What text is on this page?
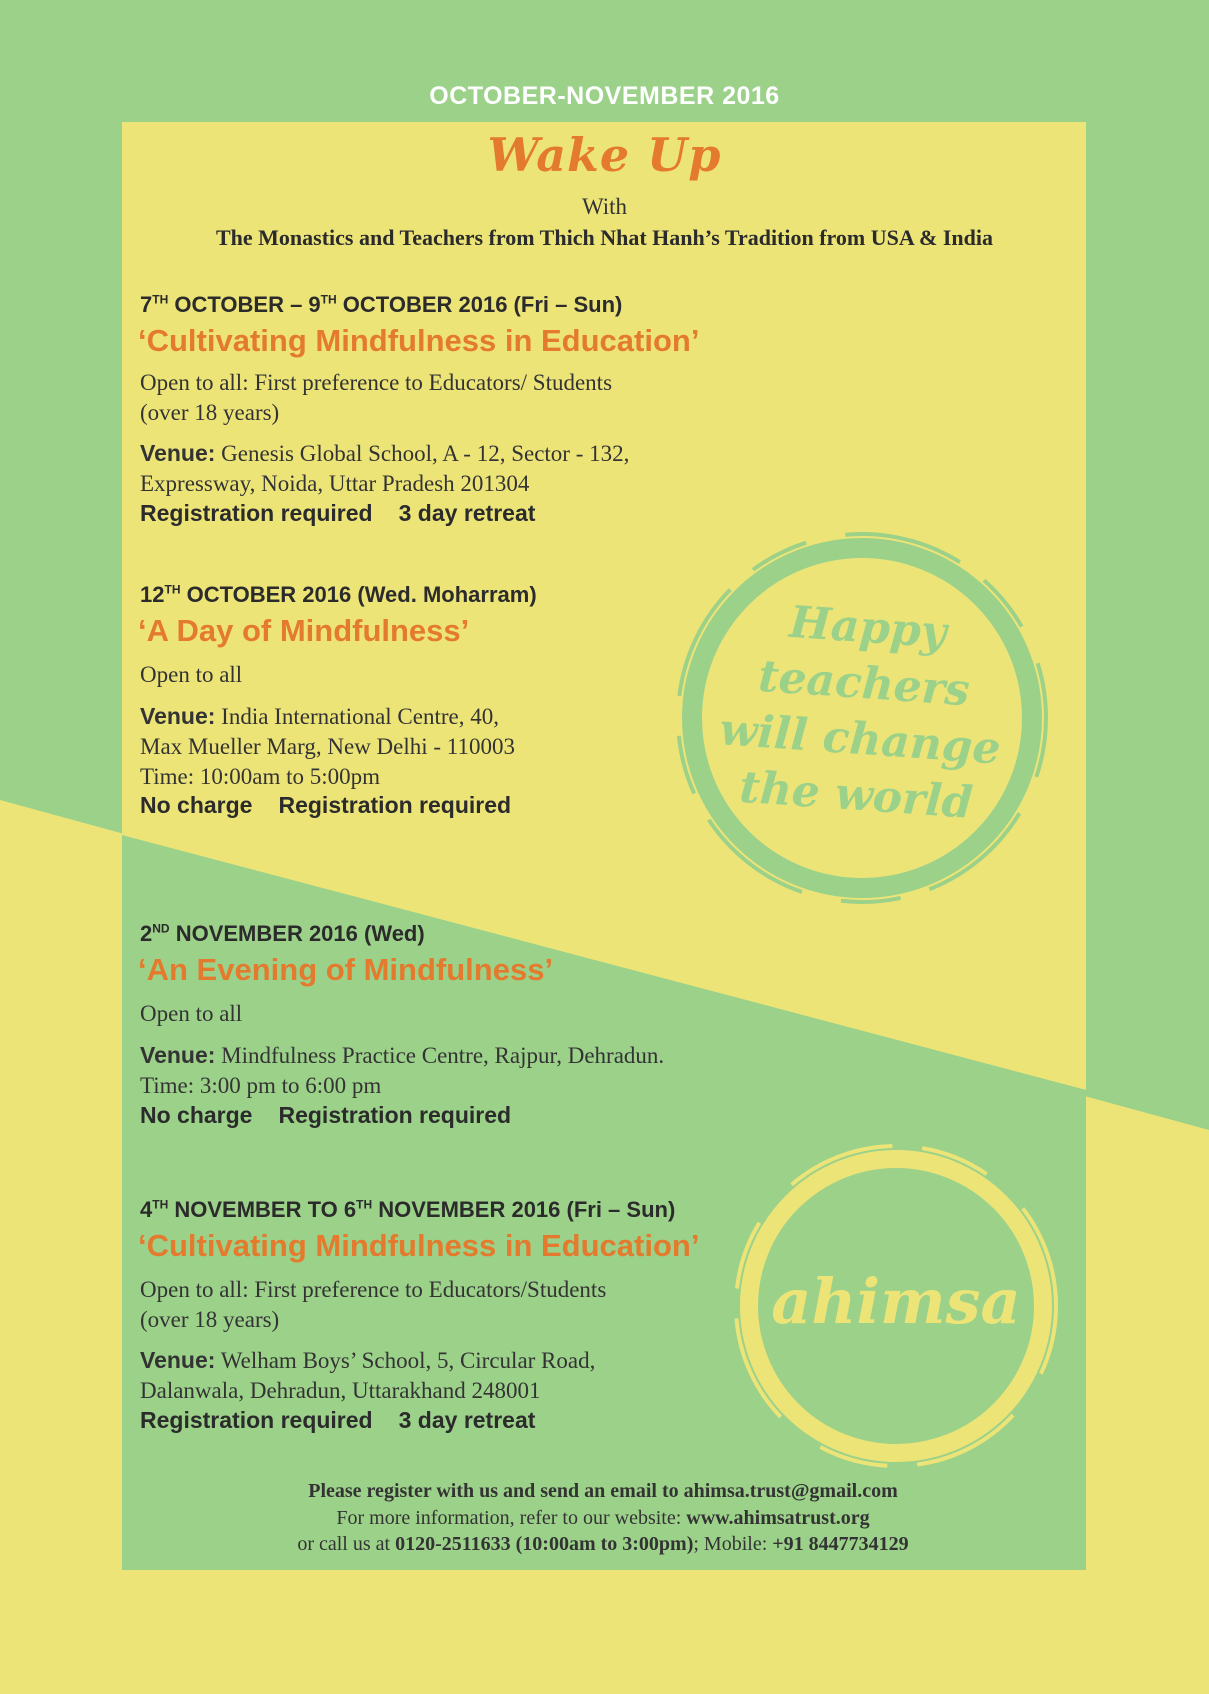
OCTOBER-NOVEMBER 2016
Wake Up
With
The Monastics and Teachers from Thich Nhat Hanh’s Tradition from USA & India
7TH OCTOBER – 9TH OCTOBER 2016 (Fri – Sun)
‘Cultivating Mindfulness in Education’
Open to all: First preference to Educators/ Students
(over 18 years)
Venue: Genesis Global School, A - 12, Sector - 132,
Expressway, Noida, Uttar Pradesh 201304
Registration required 3 day retreat
12TH OCTOBER 2016 (Wed. Moharram)
‘A Day of Mindfulness’
Open to all
Venue: India International Centre, 40,
Max Mueller Marg, New Delhi - 110003
Time: 10:00am to 5:00pm
No charge Registration required
2ND NOVEMBER 2016 (Wed)
‘An Evening of Mindfulness’
Open to all
Venue: Mindfulness Practice Centre, Rajpur, Dehradun.
Time: 3:00 pm to 6:00 pm
No charge Registration required
4TH NOVEMBER TO 6TH NOVEMBER 2016 (Fri – Sun)
‘Cultivating Mindfulness in Education’
Open to all: First preference to Educators/Students
(over 18 years)
Venue: Welham Boys’ School, 5, Circular Road,
Dalanwala, Dehradun, Uttarakhand 248001
Registration required 3 day retreat
Happy
teachers
will change
the world
ahimsa
Please register with us and send an email to ahimsa.trust@gmail.com
For more information, refer to our website: www.ahimsatrust.org
or call us at 0120-2511633 (10:00am to 3:00pm); Mobile: +91 8447734129
